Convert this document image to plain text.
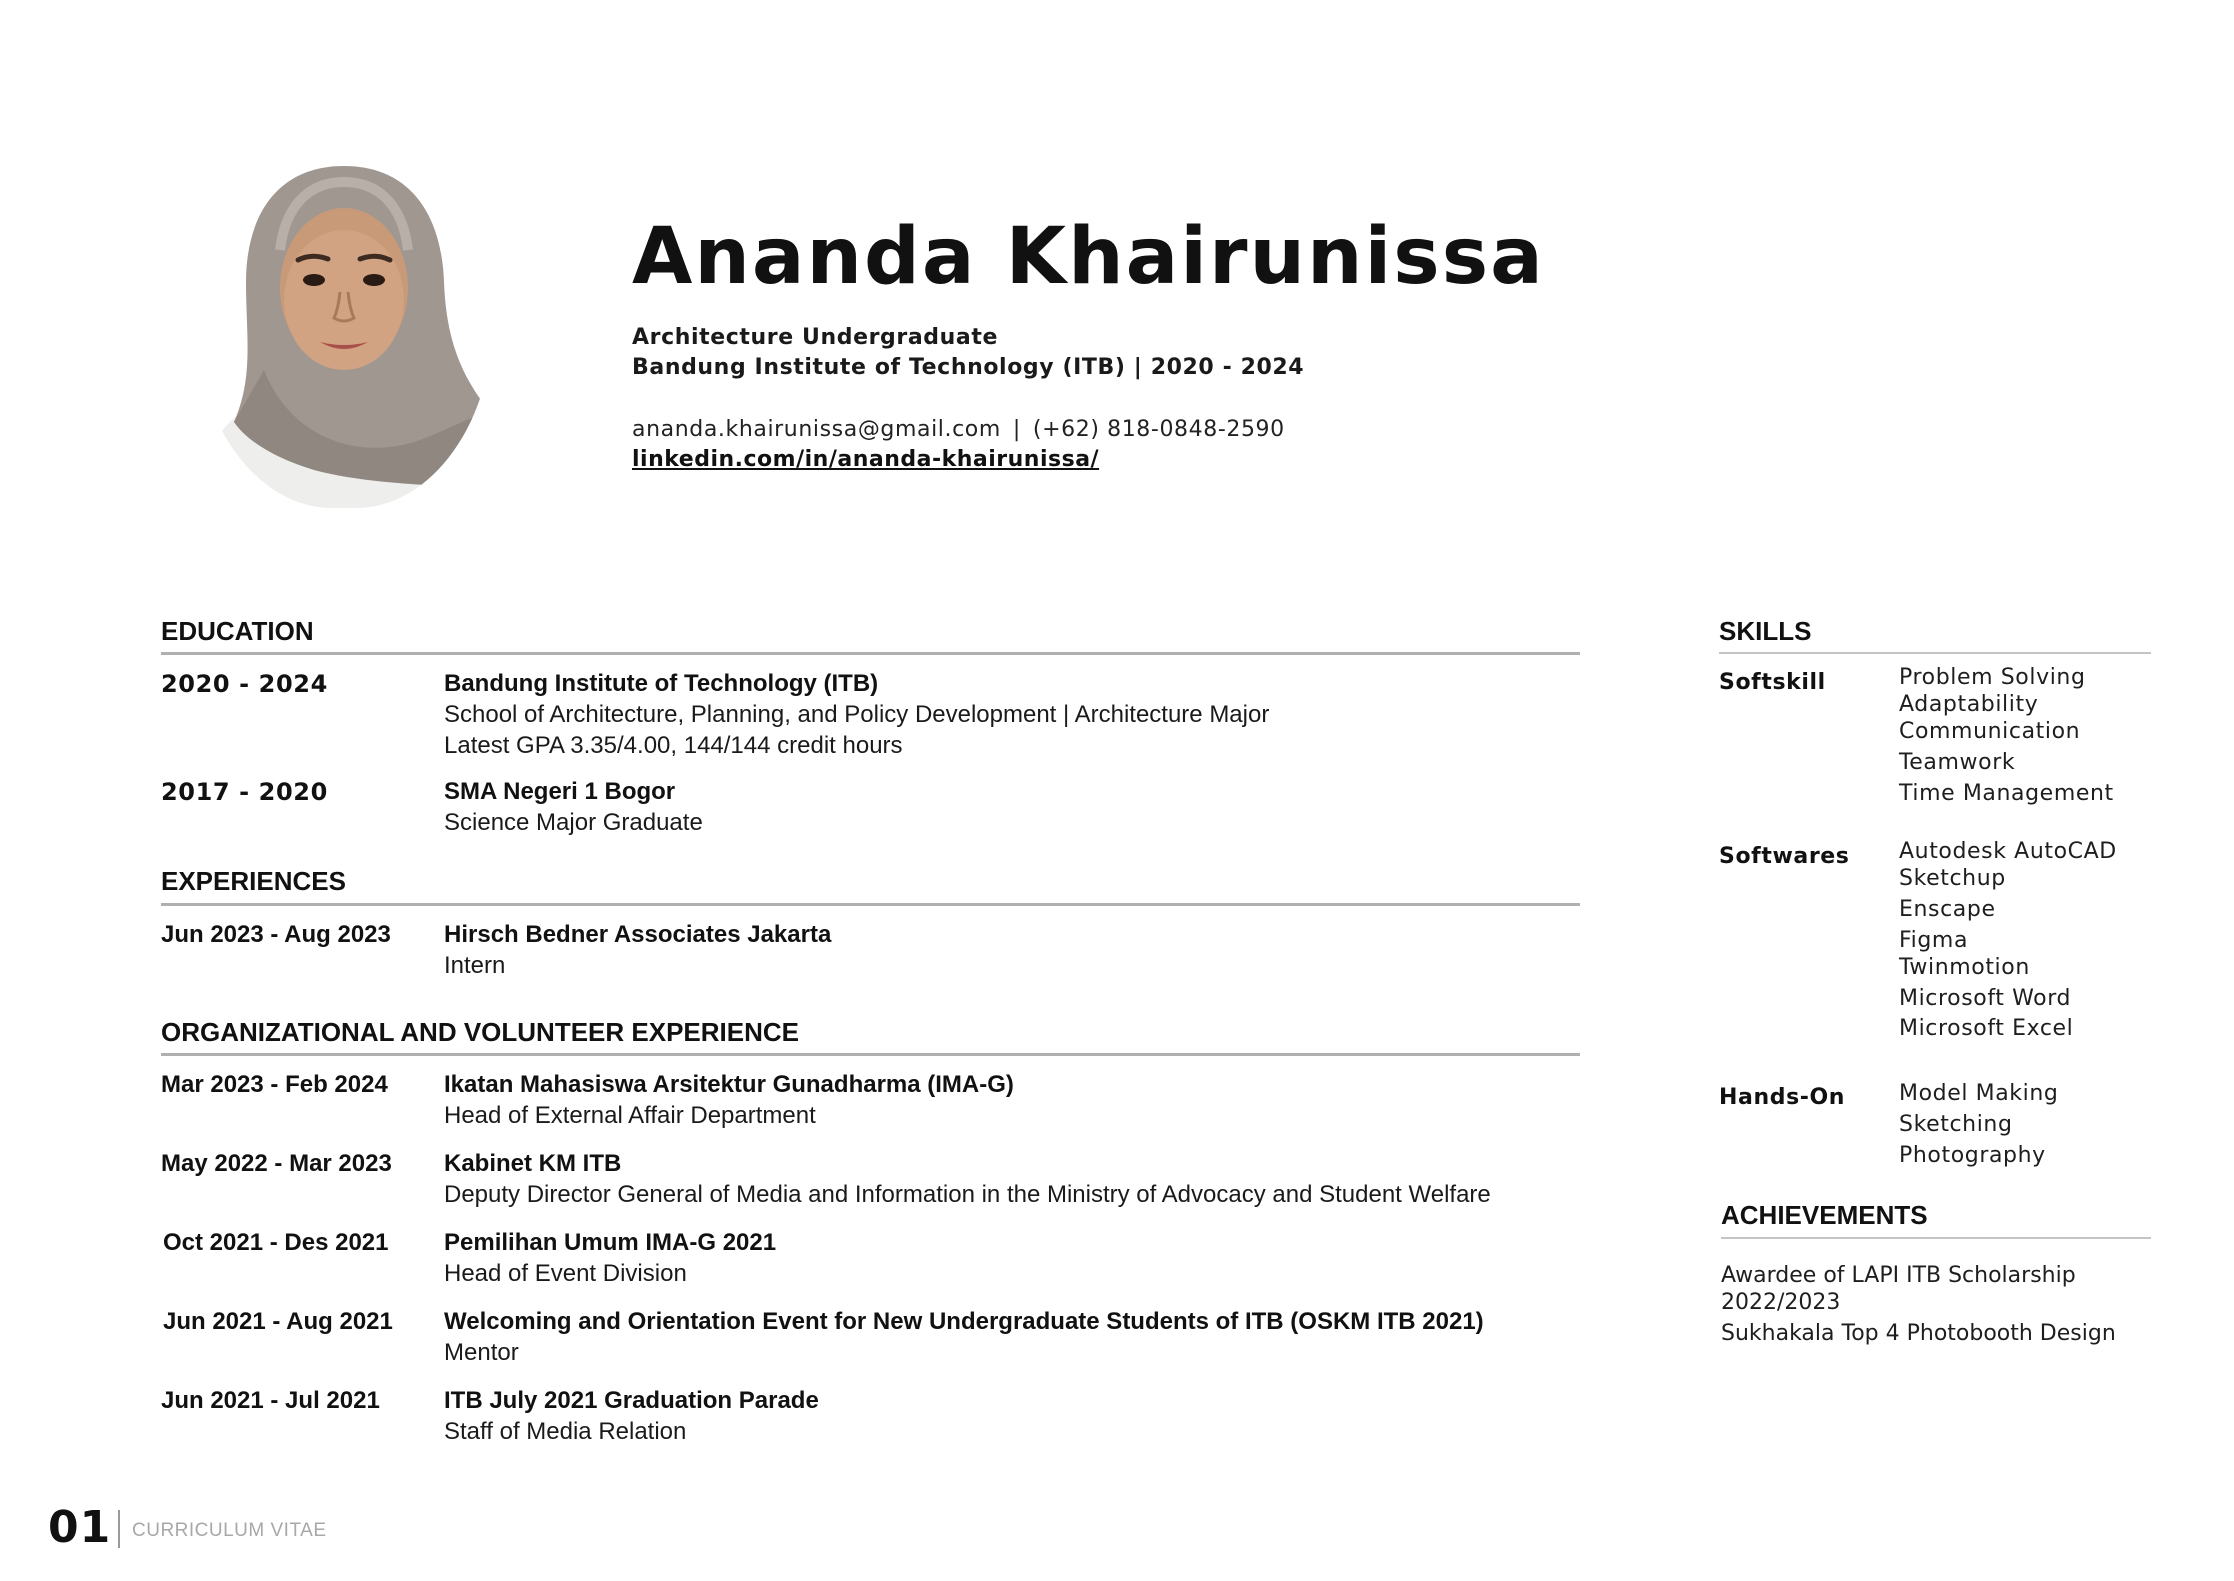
Ananda Khairunissa
Architecture Undergraduate
Bandung Institute of Technology (ITB) | 2020 - 2024
ananda.khairunissa@gmail.com | (+62) 818-0848-2590
linkedin.com/in/ananda-khairunissa/
EDUCATION
2020 - 2024	Bandung Institute of Technology (ITB)
School of Architecture, Planning, and Policy Development | Architecture Major
Latest GPA 3.35/4.00, 144/144 credit hours
2017 - 2020	SMA Negeri 1 Bogor
Science Major Graduate
EXPERIENCES
Jun 2023 - Aug 2023 Hirsch Bedner Associates Jakarta
Intern
ORGANIZATIONAL AND VOLUNTEER EXPERIENCE
Mar 2023 - Feb 2024 Ikatan Mahasiswa Arsitektur Gunadharma (IMA-G)
Head of External Affair Department
May 2022 - Mar 2023 Kabinet KM ITB
Deputy Director General of Media and Information in the Ministry of Advocacy and Student Welfare
Oct 2021 - Des 2021 Pemilihan Umum IMA-G 2021
Head of Event Division
Jun 2021 - Aug 2021 Welcoming and Orientation Event for New Undergraduate Students of ITB (OSKM ITB 2021)
Mentor
Jun 2021 - Jul 2021	ITB July 2021 Graduation Parade
Staff of Media Relation
SKILLS
Softskill	Problem Solving
Adaptability
Communication
Teamwork
Time Management
Softwares Autodesk AutoCAD
Sketchup
Enscape
Figma
Twinmotion
Microsoft Word
Microsoft Excel
Hands-On Model Making
Sketching
Photography
ACHIEVEMENTS
Awardee of LAPI ITB Scholarship
2022/2023
Sukhakala Top 4 Photobooth Design
01 CURRICULUM VITAE
